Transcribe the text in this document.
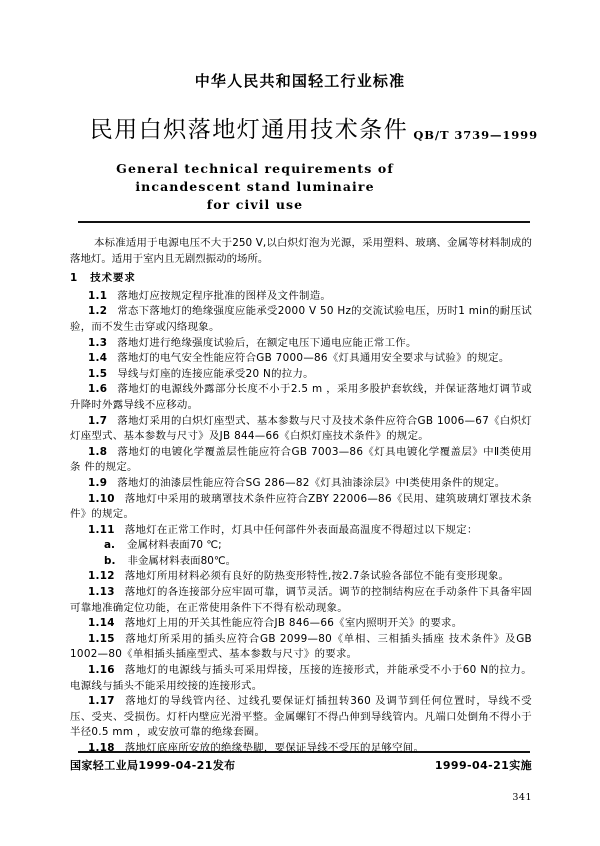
中华人民共和国轻工行业标准
民用白炽落地灯通用技术条件 QB/T 3739—1999
General technical requirements of
incandescent stand luminaire
for civil use

本标准适用于电源电压不大于250 V,以白炽灯泡为光源，采用塑料、玻璃、金属等材料制成的落地灯。适用于室内且无剧烈振动的场所。

1 技术要求

1.1 落地灯应按规定程序批准的图样及文件制造。

1.2 常态下落地灯的绝缘强度应能承受2000 V 50 Hz的交流试验电压，历时1 min的耐压试验，而不发生击穿或闪络现象。

1.3 落地灯进行绝缘强度试验后，在额定电压下通电应能正常工作。

1.4 落地灯的电气安全性能应符合GB 7000—86《灯具通用安全要求与试验》的规定。

1.5 导线与灯座的连接应能承受20 N的拉力。

1.6 落地灯的电源线外露部分长度不小于2.5 m ，采用多股护套软线，并保证落地灯调节或升降时外露导线不应移动。

1.7 落地灯采用的白炽灯座型式、基本参数与尺寸及技术条件应符合GB 1006—67《白炽灯 灯座型式、基本参数与尺寸》及JB 844—66《白炽灯座技术条件》的规定。

1.8 落地灯的电镀化学覆盖层性能应符合GB 7003—86《灯具电镀化学覆盖层》中Ⅱ类使用条 件的规定。

1.9 落地灯的油漆层性能应符合SG 286—82《灯具油漆涂层》中Ⅰ类使用条件的规定。

1.10 落地灯中采用的玻璃罩技术条件应符合ZBY 22006—86《民用、建筑玻璃灯罩技术条件》的规定。

1.11 落地灯在正常工作时，灯具中任何部件外表面最高温度不得超过以下规定：

a. 金属材料表面70 ℃;

b. 非金属材料表面80℃。

1.12 落地灯所用材料必须有良好的防热变形特性,按2.7条试验各部位不能有变形现象。

1.13 落地灯的各连接部分应牢固可靠，调节灵活。调节的控制结构应在手动条件下具备牢固可靠地准确定位功能，在正常使用条件下不得有松动现象。

1.14 落地灯上用的开关其性能应符合JB 846—66《室内照明开关》的要求。

1.15 落地灯所采用的插头应符合GB 2099—80《单相、三相插头插座 技术条件》及GB 1002—80《单相插头插座型式、基本参数与尺寸》的要求。

1.16 落地灯的电源线与插头可采用焊接，压接的连接形式，并能承受不小于60 N的拉力。电源线与插头不能采用绞接的连接形式。

1.17 落地灯的导线管内径、过线孔要保证灯插扭转360 及调节到任何位置时，导线不受压、受夹、受损伤。灯杆内壁应光滑平整。金属螺钉不得凸伸到导线管内。凡端口处倒角不得小于半径0.5 mm ，或安放可靠的绝缘套圈。

1.18 落地灯底座所安放的绝缘垫脚，要保证导线不受压的足够空间。

国家轻工业局1999-04-21发布	1999-04-21实施
341
